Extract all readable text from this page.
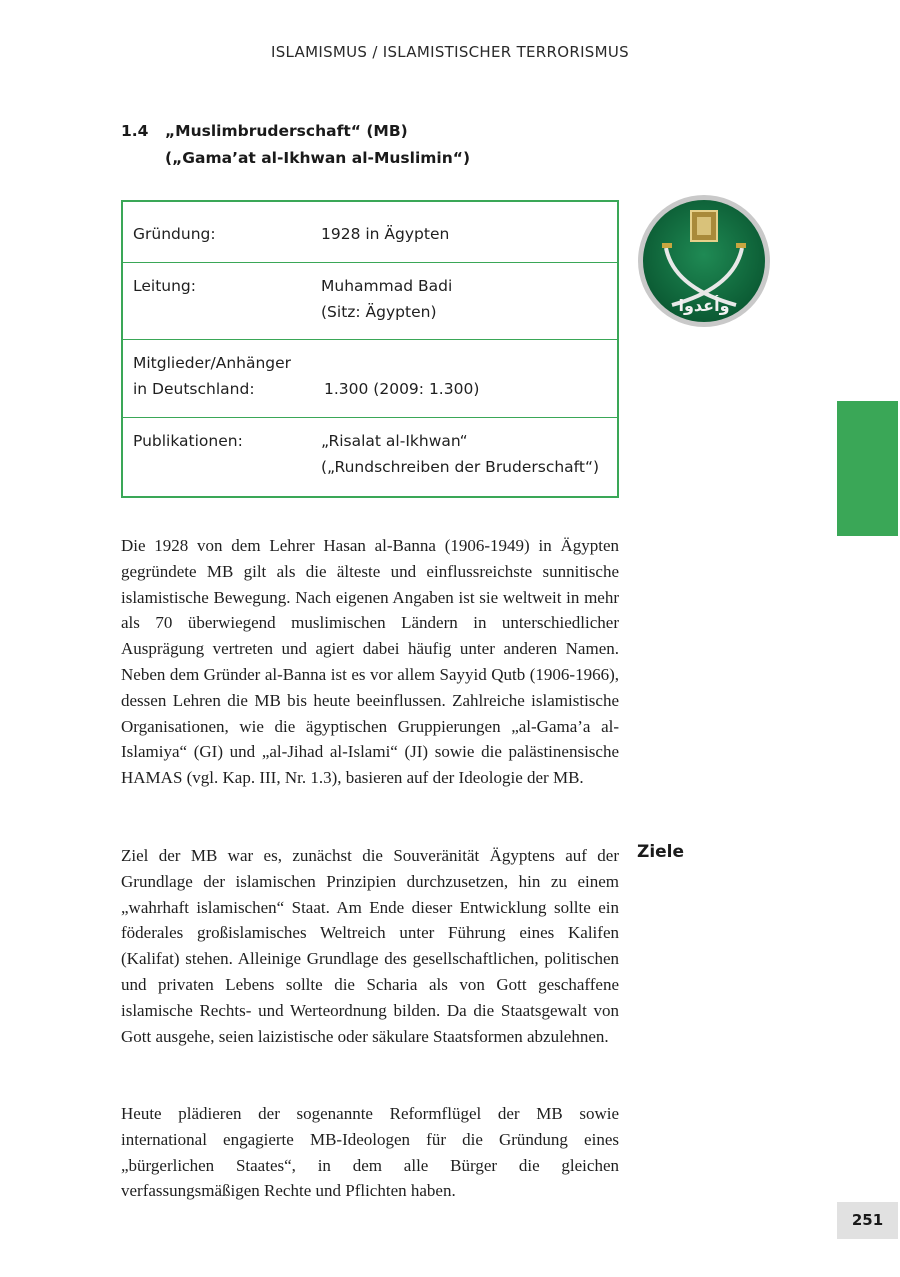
ISLAMISMUS / ISLAMISTISCHER TERRORISMUS
1.4 „Muslimbruderschaft“ (MB)
(„Gama’at al-Ikhwan al-Muslimin“)
Gründung:	1928 in Ägypten
Leitung:	Muhammad Badi
(Sitz: Ägypten)
Mitglieder/Anhänger
in Deutschland:	1.300 (2009: 1.300)
Publikationen:	„Risalat al-Ikhwan“
(„Rundschreiben der Bruderschaft“)
وأعدوا

Die 1928 von dem Lehrer Hasan al-Banna (1906-1949) in Ägypten gegründete MB gilt als die älteste und einflussreichste sunnitische islamistische Bewegung. Nach eigenen Angaben ist sie weltweit in mehr als 70 überwiegend muslimischen Ländern in unterschiedlicher Ausprägung vertreten und agiert dabei häufig unter anderen Namen. Neben dem Gründer al-Banna ist es vor allem Sayyid Qutb (1906-1966), dessen Lehren die MB bis heute beeinflussen. Zahlreiche islamistische Organisationen, wie die ägyptischen Gruppierungen „al-Gama’a al-Islamiya“ (GI) und „al-Jihad al-Islami“ (JI) sowie die palästinensische HAMAS (vgl. Kap. III, Nr. 1.3), basieren auf der Ideologie der MB.

Ziel der MB war es, zunächst die Souveränität Ägyptens auf der Grundlage der islamischen Prinzipien durchzusetzen, hin zu einem „wahrhaft islamischen“ Staat. Am Ende dieser Entwicklung sollte ein föderales großislamisches Weltreich unter Führung eines Kalifen (Kalifat) stehen. Alleinige Grundlage des gesellschaftlichen, politischen und privaten Lebens sollte die Scharia als von Gott geschaffene islamische Rechts- und Werteordnung bilden. Da die Staatsgewalt von Gott ausgehe, seien laizistische oder säkulare Staatsformen abzulehnen.

Ziele

Heute plädieren der sogenannte Reformflügel der MB sowie international engagierte MB-Ideologen für die Gründung eines „bürgerlichen Staates“, in dem alle Bürger die gleichen verfassungsmäßigen Rechte und Pflichten haben.

251
